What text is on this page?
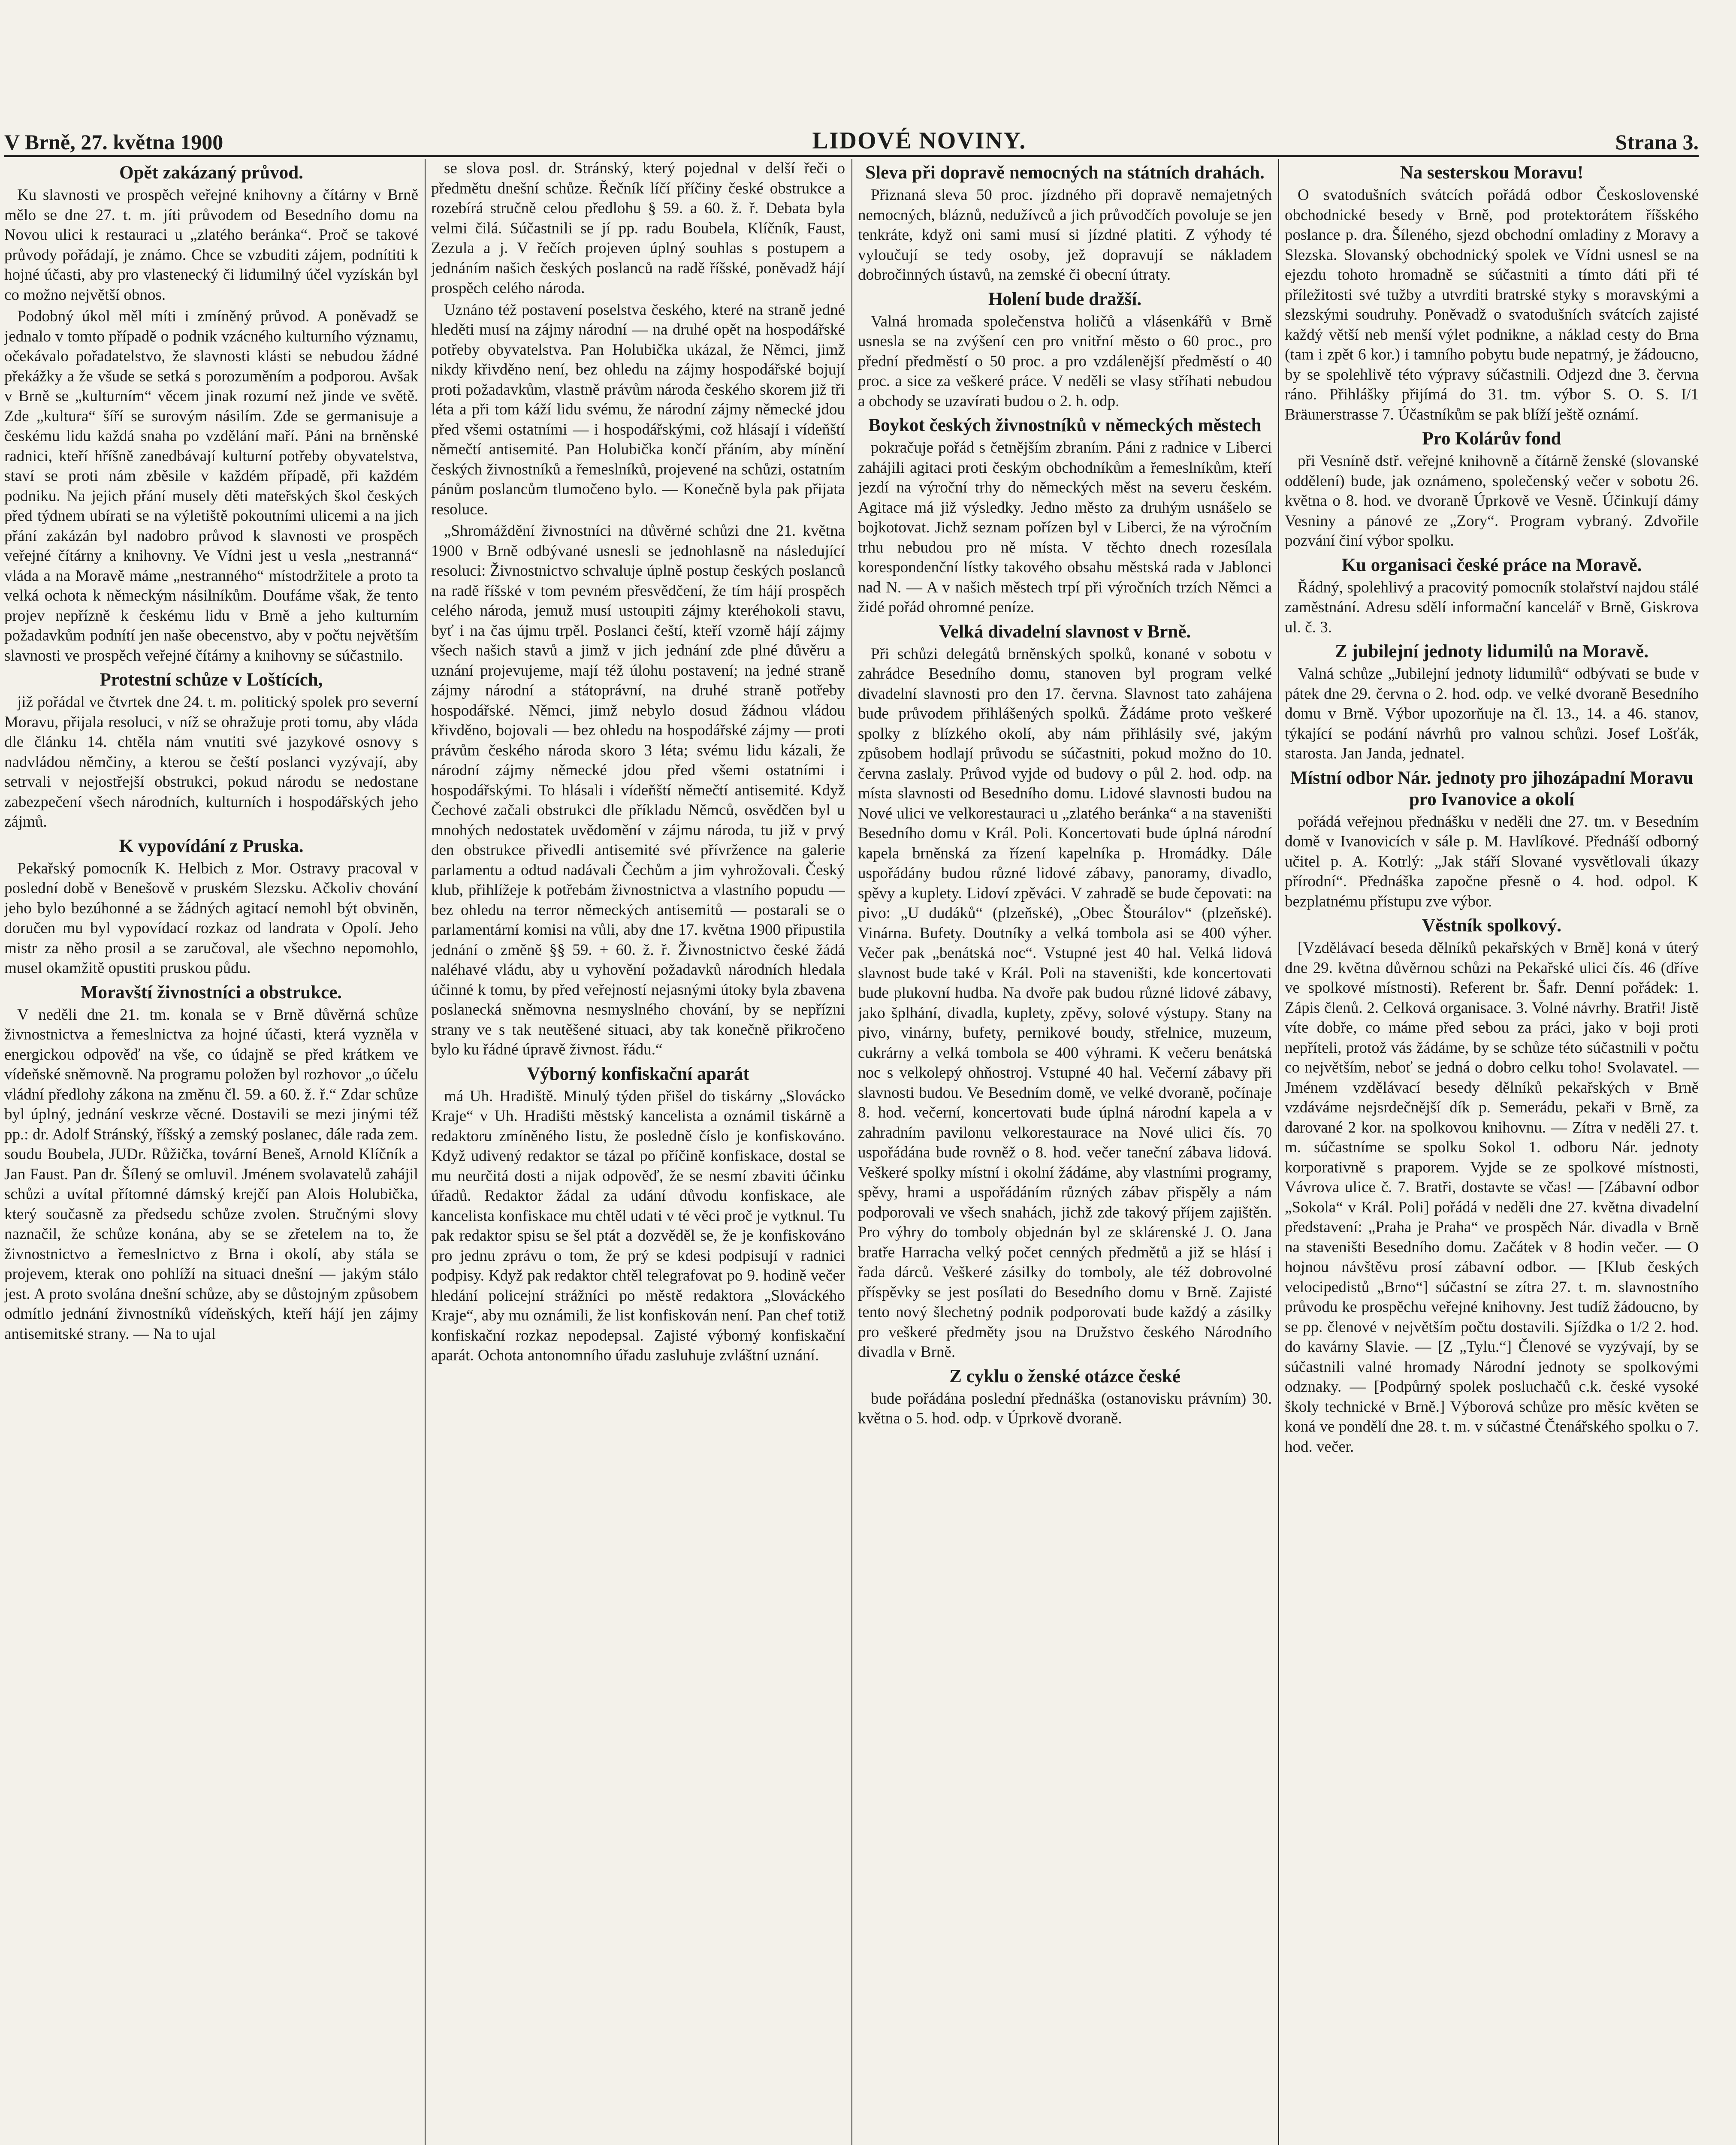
V Brně, 27. května 1900	LIDOVÉ NOVINY.	Strana 3.
Opět zakázaný průvod.

Ku slavnosti ve prospěch veřejné knihovny a čítárny v Brně mělo se dne 27. t. m. jíti průvodem od Besedního domu na Novou ulici k restauraci u „zlatého beránka“. Proč se takové průvody pořádají, je známo. Chce se vzbuditi zájem, podnítiti k hojné účasti, aby pro vlastenecký či lidumilný účel vyzískán byl co možno největší obnos.

Podobný úkol měl míti i zmíněný průvod. A poněvadž se jednalo v tomto případě o podnik vzácného kulturního významu, očekávalo pořadatelstvo, že slavnosti klásti se nebudou žádné překážky a že všude se setká s porozuměním a podporou. Avšak v Brně se „kulturním“ věcem jinak rozumí než jinde ve světě. Zde „kultura“ šíří se surovým násilím. Zde se germanisuje a českému lidu každá snaha po vzdělání maří. Páni na brněnské radnici, kteří hříšně zanedbávají kulturní potřeby obyvatelstva, staví se proti nám zběsile v každém případě, při každém podniku. Na jejich přání musely děti mateřských škol českých před týdnem ubírati se na výletiště pokoutními ulicemi a na jich přání zakázán byl nadobro průvod k slavnosti ve prospěch veřejné čítárny a knihovny. Ve Vídni jest u vesla „nestranná“ vláda a na Moravě máme „nestranného“ místodržitele a proto ta velká ochota k německým násilníkům. Doufáme však, že tento projev nepřízně k českému lidu v Brně a jeho kulturním požadavkům podnítí jen naše obecenstvo, aby v počtu největším slavnosti ve prospěch veřejné čítárny a knihovny se súčastnilo.

Protestní schůze v Loštících,

již pořádal ve čtvrtek dne 24. t. m. politický spolek pro severní Moravu, přijala resoluci, v níž se ohražuje proti tomu, aby vláda dle článku 14. chtěla nám vnutiti své jazykové osnovy s nadvládou němčiny, a kterou se čeští poslanci vyzývají, aby setrvali v nejostřejší obstrukci, pokud národu se nedostane zabezpečení všech národních, kulturních i hospodářských jeho zájmů.

K vypovídání z Pruska.

Pekařský pomocník K. Helbich z Mor. Ostravy pracoval v poslední době v Benešově v pruském Slezsku. Ačkoliv chování jeho bylo bezúhonné a se žádných agitací nemohl být obviněn, doručen mu byl vypovídací rozkaz od landrata v Opolí. Jeho mistr za něho prosil a se zaručoval, ale všechno nepomohlo, musel okamžitě opustiti pruskou půdu.

Moravští živnostníci a obstrukce.

V neděli dne 21. tm. konala se v Brně důvěrná schůze živnostnictva a řemeslnictva za hojné účasti, která vyzněla v energickou odpověď na vše, co údajně se před krátkem ve vídeňské sněmovně. Na programu položen byl rozhovor „o účelu vládní předlohy zákona na změnu čl. 59. a 60. ž. ř.“ Zdar schůze byl úplný, jednání veskrze věcné. Dostavili se mezi jinými též pp.: dr. Adolf Stránský, říšský a zemský poslanec, dále rada zem. soudu Boubela, JUDr. Růžička, tovární Beneš, Arnold Klíčník a Jan Faust. Pan dr. Šílený se omluvil. Jménem svolavatelů zahájil schůzi a uvítal přítomné dámský krejčí pan Alois Holubička, který současně za předsedu schůze zvolen. Stručnými slovy naznačil, že schůze konána, aby se se zřetelem na to, že živnostnictvo a řemeslnictvo z Brna i okolí, aby stála se projevem, kterak ono pohlíží na situaci dnešní — jakým stálo jest. A proto svolána dnešní schůze, aby se důstojným způsobem odmítlo jednání živnostníků vídeňských, kteří hájí jen zájmy antisemitské strany. — Na to ujal

se slova posl. dr. Stránský, který pojednal v delší řeči o předmětu dnešní schůze. Řečník líčí příčiny české obstrukce a rozebírá stručně celou předlohu § 59. a 60. ž. ř. Debata byla velmi čilá. Súčastnili se jí pp. radu Boubela, Klíčník, Faust, Zezula a j. V řečích projeven úplný souhlas s postupem a jednáním našich českých poslanců na radě říšské, poněvadž hájí prospěch celého národa.

Uznáno též postavení poselstva českého, které na straně jedné hleděti musí na zájmy národní — na druhé opět na hospodářské potřeby obyvatelstva. Pan Holubička ukázal, že Němci, jimž nikdy křivděno není, bez ohledu na zájmy hospodářské bojují proti požadavkům, vlastně právům národa českého skorem již tři léta a při tom káží lidu svému, že národní zájmy německé jdou před všemi ostatními — i hospodářskými, což hlásají i vídeňští němečtí antisemité. Pan Holubička končí přáním, aby mínění českých živnostníků a řemeslníků, projevené na schůzi, ostatním pánům poslancům tlumočeno bylo. — Konečně byla pak přijata resoluce.

„Shromáždění živnostníci na důvěrné schůzi dne 21. května 1900 v Brně odbývané usnesli se jednohlasně na následující resoluci: Živnostnictvo schvaluje úplně postup českých poslanců na radě říšské v tom pevném přesvědčení, že tím hájí prospěch celého národa, jemuž musí ustoupiti zájmy kteréhokoli stavu, byť i na čas újmu trpěl. Poslanci čeští, kteří vzorně hájí zájmy všech našich stavů a jimž v jich jednání zde plné důvěru a uznání projevujeme, mají též úlohu postavení; na jedné straně zájmy národní a státoprávní, na druhé straně potřeby hospodářské. Němci, jimž nebylo dosud žádnou vládou křivděno, bojovali — bez ohledu na hospodářské zájmy — proti právům českého národa skoro 3 léta; svému lidu kázali, že národní zájmy německé jdou před všemi ostatními i hospodářskými. To hlásali i vídeňští němečtí antisemité. Když Čechové začali obstrukci dle příkladu Němců, osvědčen byl u mnohých nedostatek uvědomění v zájmu národa, tu již v prvý den obstrukce přivedli antisemité své přívržence na galerie parlamentu a odtud nadávali Čechům a jim vyhrožovali. Český klub, přihlížeje k potřebám živnostnictva a vlastního popudu — bez ohledu na terror německých antisemitů — postarali se o parlamentární komisi na vůli, aby dne 17. května 1900 připustila jednání o změně §§ 59. + 60. ž. ř. Živnostnictvo české žádá naléhavé vládu, aby u vyhovění požadavků národních hledala účinné k tomu, by před veřejností nejasnými útoky byla zbavena poslanecká sněmovna nesmyslného chování, by se nepřízni strany ve s tak neutěšené situaci, aby tak konečně přikročeno bylo ku řádné úpravě živnost. řádu.“

Výborný konfiskační aparát

má Uh. Hradiště. Minulý týden přišel do tiskárny „Slovácko Kraje“ v Uh. Hradišti městský kancelista a oznámil tiskárně a redaktoru zmíněného listu, že posledně číslo je konfiskováno. Když udivený redaktor se tázal po příčině konfiskace, dostal se mu neurčitá dosti a nijak odpověď, že se nesmí zbaviti účinku úřadů. Redaktor žádal za udání důvodu konfiskace, ale kancelista konfiskace mu chtěl udati v té věci proč je vytknul. Tu pak redaktor spisu se šel ptát a dozvěděl se, že je konfiskováno pro jednu zprávu o tom, že prý se kdesi podpisují v radnici podpisy. Když pak redaktor chtěl telegrafovat po 9. hodině večer hledání policejní strážníci po městě redaktora „Slováckého Kraje“, aby mu oznámili, že list konfiskován není. Pan chef totiž konfiskační rozkaz nepodepsal. Zajisté výborný konfiskační aparát. Ochota antonomního úřadu zasluhuje zvláštní uznání.

Sleva při dopravě nemocných na státních drahách.

Přiznaná sleva 50 proc. jízdného při dopravě nemajetných nemocných, bláznů, nedužívců a jich průvodčích povoluje se jen tenkráte, když oni sami musí si jízdné platiti. Z výhody té vyloučují se tedy osoby, jež dopravují se nákladem dobročinných ústavů, na zemské či obecní útraty.

Holení bude dražší.

Valná hromada společenstva holičů a vlásenkářů v Brně usnesla se na zvýšení cen pro vnitřní město o 60 proc., pro přední předměstí o 50 proc. a pro vzdálenější předměstí o 40 proc. a sice za veškeré práce. V neděli se vlasy stříhati nebudou a obchody se uzavírati budou o 2. h. odp.

Boykot českých živnostníků v německých městech

pokračuje pořád s četnějším zbraním. Páni z radnice v Liberci zahájili agitaci proti českým obchodníkům a řemeslníkům, kteří jezdí na výroční trhy do německých měst na severu českém. Agitace má již výsledky. Jedno město za druhým usnášelo se bojkotovat. Jichž seznam pořízen byl v Liberci, že na výročním trhu nebudou pro ně místa. V těchto dnech rozesílala korespondenční lístky takového obsahu městská rada v Jablonci nad N. — A v našich městech trpí při výročních trzích Němci a židé pořád ohromné peníze.

Velká divadelní slavnost v Brně.

Při schůzi delegátů brněnských spolků, konané v sobotu v zahrádce Besedního domu, stanoven byl program velké divadelní slavnosti pro den 17. června. Slavnost tato zahájena bude průvodem přihlášených spolků. Žádáme proto veškeré spolky z blízkého okolí, aby nám přihlásily své, jakým způsobem hodlají průvodu se súčastniti, pokud možno do 10. června zaslaly. Průvod vyjde od budovy o půl 2. hod. odp. na místa slavnosti od Besedního domu. Lidové slavnosti budou na Nové ulici ve velkorestauraci u „zlatého beránka“ a na staveništi Besedního domu v Král. Poli. Koncertovati bude úplná národní kapela brněnská za řízení kapelníka p. Hromádky. Dále uspořádány budou různé lidové zábavy, panoramy, divadlo, spěvy a kuplety. Lidoví zpěváci. V zahradě se bude čepovati: na pivo: „U dudáků“ (plzeňské), „Obec Štourálov“ (plzeňské). Vinárna. Bufety. Doutníky a velká tombola asi se 400 výher. Večer pak „benátská noc“. Vstupné jest 40 hal. Velká lidová slavnost bude také v Král. Poli na staveništi, kde koncertovati bude plukovní hudba. Na dvoře pak budou různé lidové zábavy, jako šplhání, divadla, kuplety, zpěvy, solové výstupy. Stany na pivo, vinárny, bufety, pernikové boudy, střelnice, muzeum, cukrárny a velká tombola se 400 výhrami. K večeru benátská noc s velkolepý ohňostroj. Vstupné 40 hal. Večerní zábavy při slavnosti budou. Ve Besedním domě, ve velké dvoraně, počínaje 8. hod. večerní, koncertovati bude úplná národní kapela a v zahradním pavilonu velkorestaurace na Nové ulici čís. 70 uspořádána bude rovněž o 8. hod. večer taneční zábava lidová. Veškeré spolky místní i okolní žádáme, aby vlastními programy, spěvy, hrami a uspořádáním různých zábav přispěly a nám podporovali ve všech snahách, jichž zde takový příjem zajištěn. Pro výhry do tomboly objednán byl ze sklárenské J. O. Jana bratře Harracha velký počet cenných předmětů a již se hlásí i řada dárců. Veškeré zásilky do tomboly, ale též dobrovolné příspěvky se jest posílati do Besedního domu v Brně. Zajisté tento nový šlechetný podnik podporovati bude každý a zásilky pro veškeré předměty jsou na Družstvo českého Národního divadla v Brně.

Z cyklu o ženské otázce české

bude pořádána poslední přednáška (ostanovisku právním) 30. května o 5. hod. odp. v Úprkově dvoraně.

Na sesterskou Moravu!

O svatodušních svátcích pořádá odbor Československé obchodnické besedy v Brně, pod protektorátem říšského poslance p. dra. Šíleného, sjezd obchodní omladiny z Moravy a Slezska. Slovanský obchodnický spolek ve Vídni usnesl se na ejezdu tohoto hromadně se súčastniti a tímto dáti při té příležitosti své tužby a utvrditi bratrské styky s moravskými a slezskými soudruhy. Poněvadž o svatodušních svátcích zajisté každý větší neb menší výlet podnikne, a náklad cesty do Brna (tam i zpět 6 kor.) i tamního pobytu bude nepatrný, je žádoucno, by se spolehlivě této výpravy súčastnili. Odjezd dne 3. června ráno. Přihlášky přijímá do 31. tm. výbor S. O. S. I/1 Bräunerstrasse 7. Účastníkům se pak blíží ještě oznámí.

Pro Kolárův fond

při Vesníně dstř. veřejné knihovně a čítárně ženské (slovanské oddělení) bude, jak oznámeno, společenský večer v sobotu 26. května o 8. hod. ve dvoraně Úprkově ve Vesně. Účinkují dámy Vesniny a pánové ze „Zory“. Program vybraný. Zdvořile pozvání činí výbor spolku.

Ku organisaci české práce na Moravě.

Řádný, spolehlivý a pracovitý pomocník stolařství najdou stálé zaměstnání. Adresu sdělí informační kancelář v Brně, Giskrova ul. č. 3.

Z jubilejní jednoty lidumilů na Moravě.

Valná schůze „Jubilejní jednoty lidumilů“ odbývati se bude v pátek dne 29. června o 2. hod. odp. ve velké dvoraně Besedního domu v Brně. Výbor upozorňuje na čl. 13., 14. a 46. stanov, týkající se podání návrhů pro valnou schůzi. Josef Lošťák, starosta. Jan Janda, jednatel.

Místní odbor Nár. jednoty pro jihozápadní Moravu pro Ivanovice a okolí

pořádá veřejnou přednášku v neděli dne 27. tm. v Besedním domě v Ivanovicích v sále p. M. Havlíkové. Přednáší odborný učitel p. A. Kotrlý: „Jak stáří Slované vysvětlovali úkazy přírodní“. Přednáška započne přesně o 4. hod. odpol. K bezplatnému přístupu zve výbor.

Věstník spolkový.

[Vzdělávací beseda dělníků pekařských v Brně] koná v úterý dne 29. května důvěrnou schůzi na Pekařské ulici čís. 46 (dříve ve spolkové místnosti). Referent br. Šafr. Denní pořádek: 1. Zápis členů. 2. Celková organisace. 3. Volné návrhy. Bratři! Jistě víte dobře, co máme před sebou za práci, jako v boji proti nepříteli, protož vás žádáme, by se schůze této súčastnili v počtu co největším, neboť se jedná o dobro celku toho! Svolavatel. — Jménem vzdělávací besedy dělníků pekařských v Brně vzdáváme nejsrdečnější dík p. Semerádu, pekaři v Brně, za darované 2 kor. na spolkovou knihovnu. — Zítra v neděli 27. t. m. súčastníme se spolku Sokol 1. odboru Nár. jednoty korporativně s praporem. Vyjde se ze spolkové místnosti, Vávrova ulice č. 7. Bratři, dostavte se včas! — [Zábavní odbor „Sokola“ v Král. Poli] pořádá v neděli dne 27. května divadelní představení: „Praha je Praha“ ve prospěch Nár. divadla v Brně na staveništi Besedního domu. Začátek v 8 hodin večer. — O hojnou návštěvu prosí zábavní odbor. — [Klub českých velocipedistů „Brno“] súčastní se zítra 27. t. m. slavnostního průvodu ke prospěchu veřejné knihovny. Jest tudíž žádoucno, by se pp. členové v největším počtu dostavili. Sjíždka o 1/2 2. hod. do kavárny Slavie. — [Z „Tylu.“] Členové se vyzývají, by se súčastnili valné hromady Národní jednoty se spolkovými odznaky. — [Podpůrný spolek posluchačů c.k. české vysoké školy technické v Brně.] Výborová schůze pro měsíc květen se koná ve pondělí dne 28. t. m. v súčastné Čtenářského spolku o 7. hod. večer.
